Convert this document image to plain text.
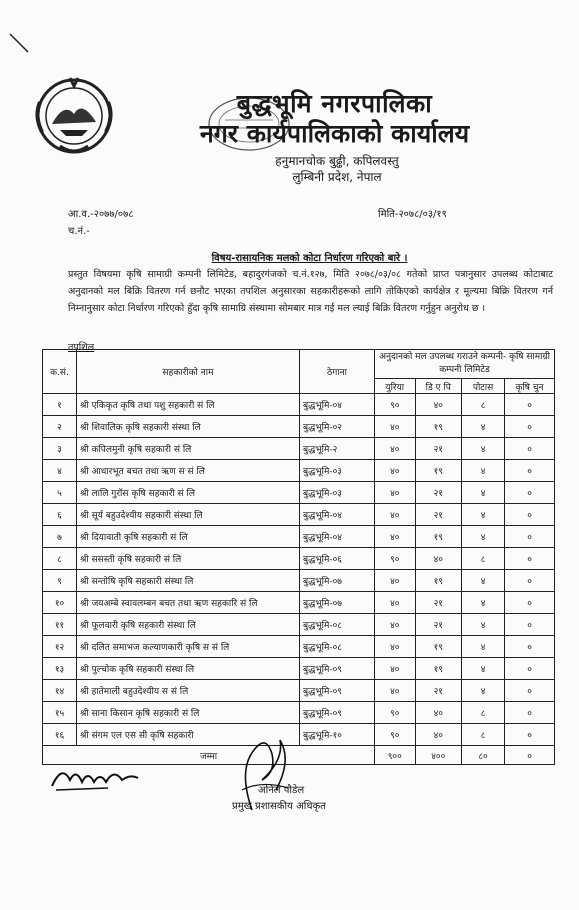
बुद्धभूमि नगरपालिका
नगर कार्यपालिकाको कार्यालय
हनुमानचोक बुढ्ढी, कपिलवस्तु
लुम्बिनी प्रदेश, नेपाल
आ.व.-२०७७/०७८
च.नं.-
मिति-२०७८/०३/१९
विषय-रासायनिक मलको कोटा निर्धारण गरिएको बारे ।
प्रस्तुत विषयमा कृषि सामाग्री कम्पनी लिमिटेड, बहादुरगंजको च.नं.१२७, मिति २०७८/०३/०८ गतेको प्राप्त पत्रानुसार उपलब्ध कोटाबाट अनुदानको मल बिक्रि वितरण गर्न छनौट भएका तपशिल अनुसारका सहकारीहरूको लागि तोकिएको कार्यक्षेत्र र मूल्यमा बिक्रि वितरण गर्न निम्नानुसार कोटा निर्धारण गरिएको हुँदा कृषि सामाग्रि संस्थामा सोमबार मात्र गई मल ल्याई बिक्रि वितरण गर्नुहुन अनुरोध छ ।
तपशिल
क.सं.	सहकारीको नाम	ठेगाना	अनुदानको मल उपलब्ध गराउने कम्पनी- कृषि सामाग्री कम्पनी लिमिटेड			
			युरिया	डि ए पि	पोटास	कृषि चुन
१	श्री एकिकृत कृषि तथा पशु सहकारी सं लि	बुद्धभूमि-०४	९०	४०	८	०
२	श्री शिवालिक कृषि सहकारी संस्था लि	बुद्धभूमि-०२	४०	१९	४	०
३	श्री कपिलमुनी कृषि सहकारी सं लि	बुद्धभूमि-२	४०	२१	४	०
४	श्री आधारभूत बचत तथा ऋण स सं लि	बुद्धभूमि-०३	४०	१९	४	०
५	श्री लालि गुरॉस कृषि सहकारी सं लि	बुद्धभूमि-०३	४०	२१	४	०
६	श्री सूर्य बहुउदेश्यीय सहकारी संस्था लि	बुद्धभूमि-०४	४०	२१	४	०
७	श्री दियावाती कृषि सहकारी सं लि	बुद्धभूमि-०४	४०	१९	४	०
८	श्री ससस्ती कृषि सहकारी सं लि	बुद्धभूमि-०६	९०	४०	८	०
९	श्री सन्तोषि कृषि सहकारी संस्था लि	बुद्धभूमि-०७	४०	१९	४	०
१०	श्री जयअम्बे स्वावलम्बन बचत तथा ऋण सहकारि सं लि	बुद्धभूमि-०७	४०	२१	४	०
११	श्री फूलवारी कृषि सहकारी संस्था लि	बुद्धभूमि-०८	४०	२१	४	०
१२	श्री दलित समाभज कल्याणकारी कृषि स सं लि	बुद्धभूमि-०८	४०	१९	४	०
१३	श्री पुल्चोक कृषि सहकारी संस्था लि	बुद्धभूमि-०९	४०	१९	४	०
१४	श्री हातेमाली बहुउदेश्यीय स सं लि	बुद्धभूमि-०९	४०	२१	४	०
१५	श्री साना किसान कृषि सहकारी सं लि	बुद्धभूमि-०९	९०	४०	८	०
१६	श्री संगम एल एस सी कृषि सहकारी	बुद्धभूमि-१०	९०	४०	८	०
जम्मा			९००	४००	८०	०
अनिल पौडेल
प्रमुख प्रशासकीय अधिकृत
